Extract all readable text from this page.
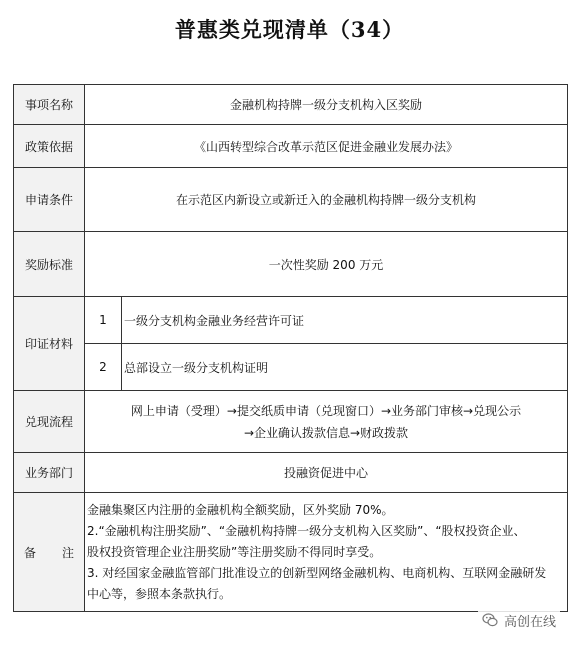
普惠类兑现清单（34）
事项名称	金融机构持牌一级分支机构入区奖励	
政策依据	《山西转型综合改革示范区促进金融业发展办法》	
申请条件	在示范区内新设立或新迁入的金融机构持牌一级分支机构	
奖励标准	一次性奖励 200 万元	
印证材料	1	一级分支机构金融业务经营许可证
	2	总部设立一级分支机构证明
兑现流程	网上申请（受理）→提交纸质申请（兑现窗口）→业务部门审核→兑现公示
→企业确认拨款信息→财政拨款	

业务部门	投融资促进中心	
备 注	金融集聚区内注册的金融机构全额奖励，区外奖励 70%。
2.“金融机构注册奖励”、“金融机构持牌一级分支机构入区奖励”、“股权投资企业、
股权投资管理企业注册奖励”等注册奖励不得同时享受。
3. 对经国家金融监管部门批准设立的创新型网络金融机构、电商机构、互联网金融研发
中心等，参照本条款执行。	
高创在线
